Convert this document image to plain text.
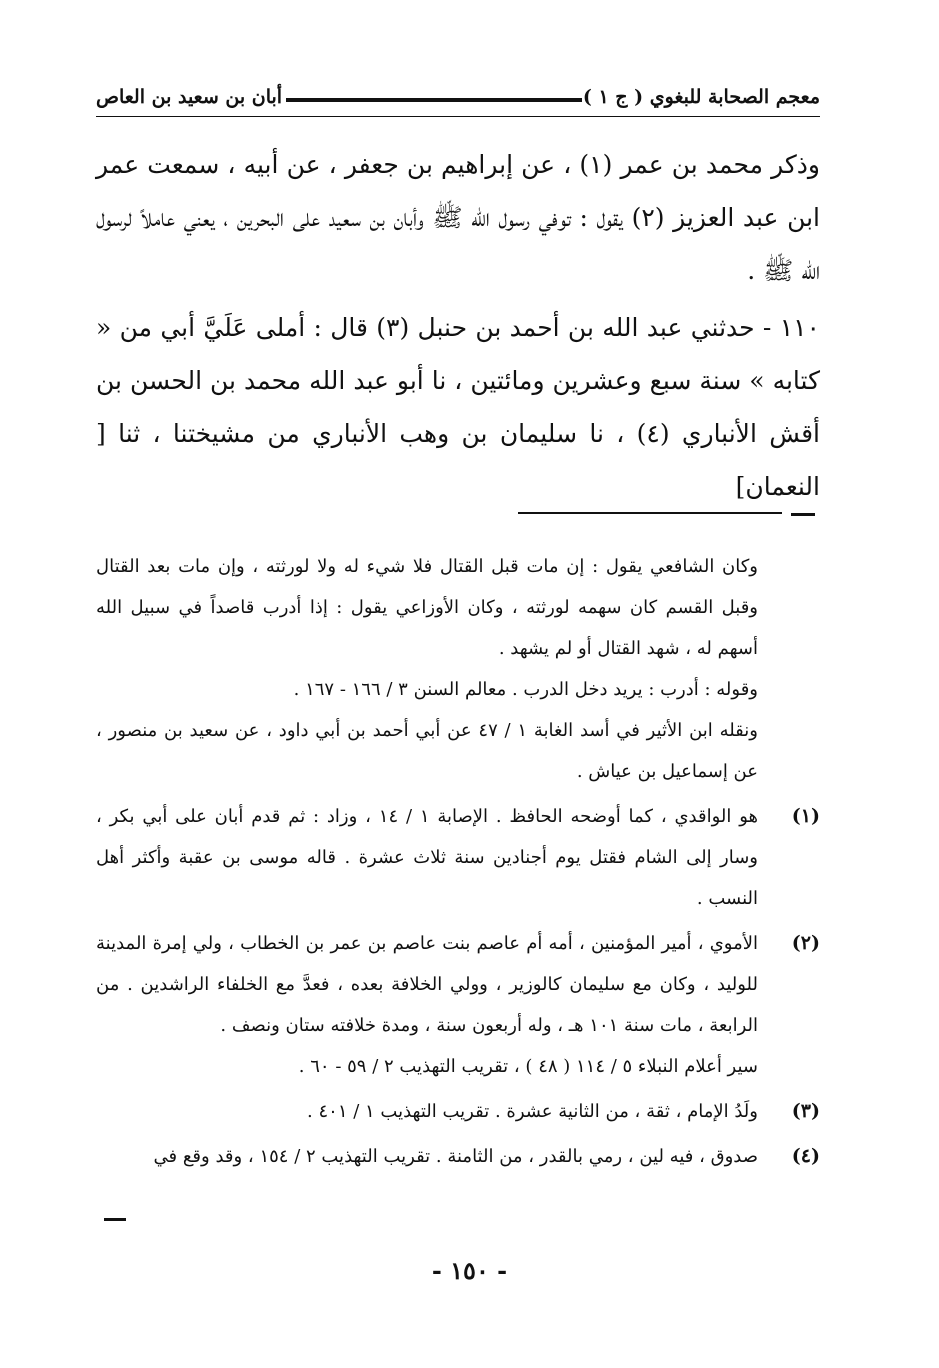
معجم الصحابة للبغوي ( ج ١ )
أبان بن سعيد بن العاص

وذكر محمد بن عمر (١) ، عن إبراهيم بن جعفر ، عن أبيه ، سمعت عمر ابن عبد العزيز (٢) يقول : توفي رسول الله ﷺ وأبان بن سعيد على البحرين ، يعني عاملاً لرسول الله ﷺ .

١١٠ - حدثني عبد الله بن أحمد بن حنبل (٣) قال : أملى عَلَيَّ أبي من « كتابه » سنة سبع وعشرين ومائتين ، نا أبو عبد الله محمد بن الحسن بن أقش الأنباري (٤) ، نا سليمان بن وهب الأنباري من مشيختنا ، ثنا [ النعمان]

وكان الشافعي يقول : إن مات قبل القتال فلا شيء له ولا لورثته ، وإن مات بعد القتال وقبل القسم كان سهمه لورثته ، وكان الأوزاعي يقول : إذا أدرب قاصداً في سبيل الله أسهم له ، شهد القتال أو لم يشهد .

وقوله : أدرب : يريد دخل الدرب . معالم السنن ٣ / ١٦٦ - ١٦٧ .

ونقله ابن الأثير في أسد الغابة ١ / ٤٧ عن أبي أحمد بن أبي داود ، عن سعيد بن منصور ، عن إسماعيل بن عياش .

(١)
هو الواقدي ، كما أوضحه الحافظ . الإصابة ١ / ١٤ ، وزاد : ثم قدم أبان على أبي بكر ، وسار إلى الشام فقتل يوم أجنادين سنة ثلاث عشرة . قاله موسى بن عقبة وأكثر أهل النسب .

(٢)
الأموي ، أمير المؤمنين ، أمه أم عاصم بنت عاصم بن عمر بن الخطاب ، ولي إمرة المدينة للوليد ، وكان مع سليمان كالوزير ، وولي الخلافة بعده ، فعدَّ مع الخلفاء الراشدين . من الرابعة ، مات سنة ١٠١ هـ ، وله أربعون سنة ، ومدة خلافته ستان ونصف .

سير أعلام النبلاء ٥ / ١١٤ ( ٤٨ ) ، تقريب التهذيب ٢ / ٥٩ - ٦٠ .

(٣)
ولَدُ الإمام ، ثقة ، من الثانية عشرة . تقريب التهذيب ١ / ٤٠١ .

(٤)
صدوق ، فيه لين ، رمي بالقدر ، من الثامنة . تقريب التهذيب ٢ / ١٥٤ ، وقد وقع في

- ١٥٠ -
